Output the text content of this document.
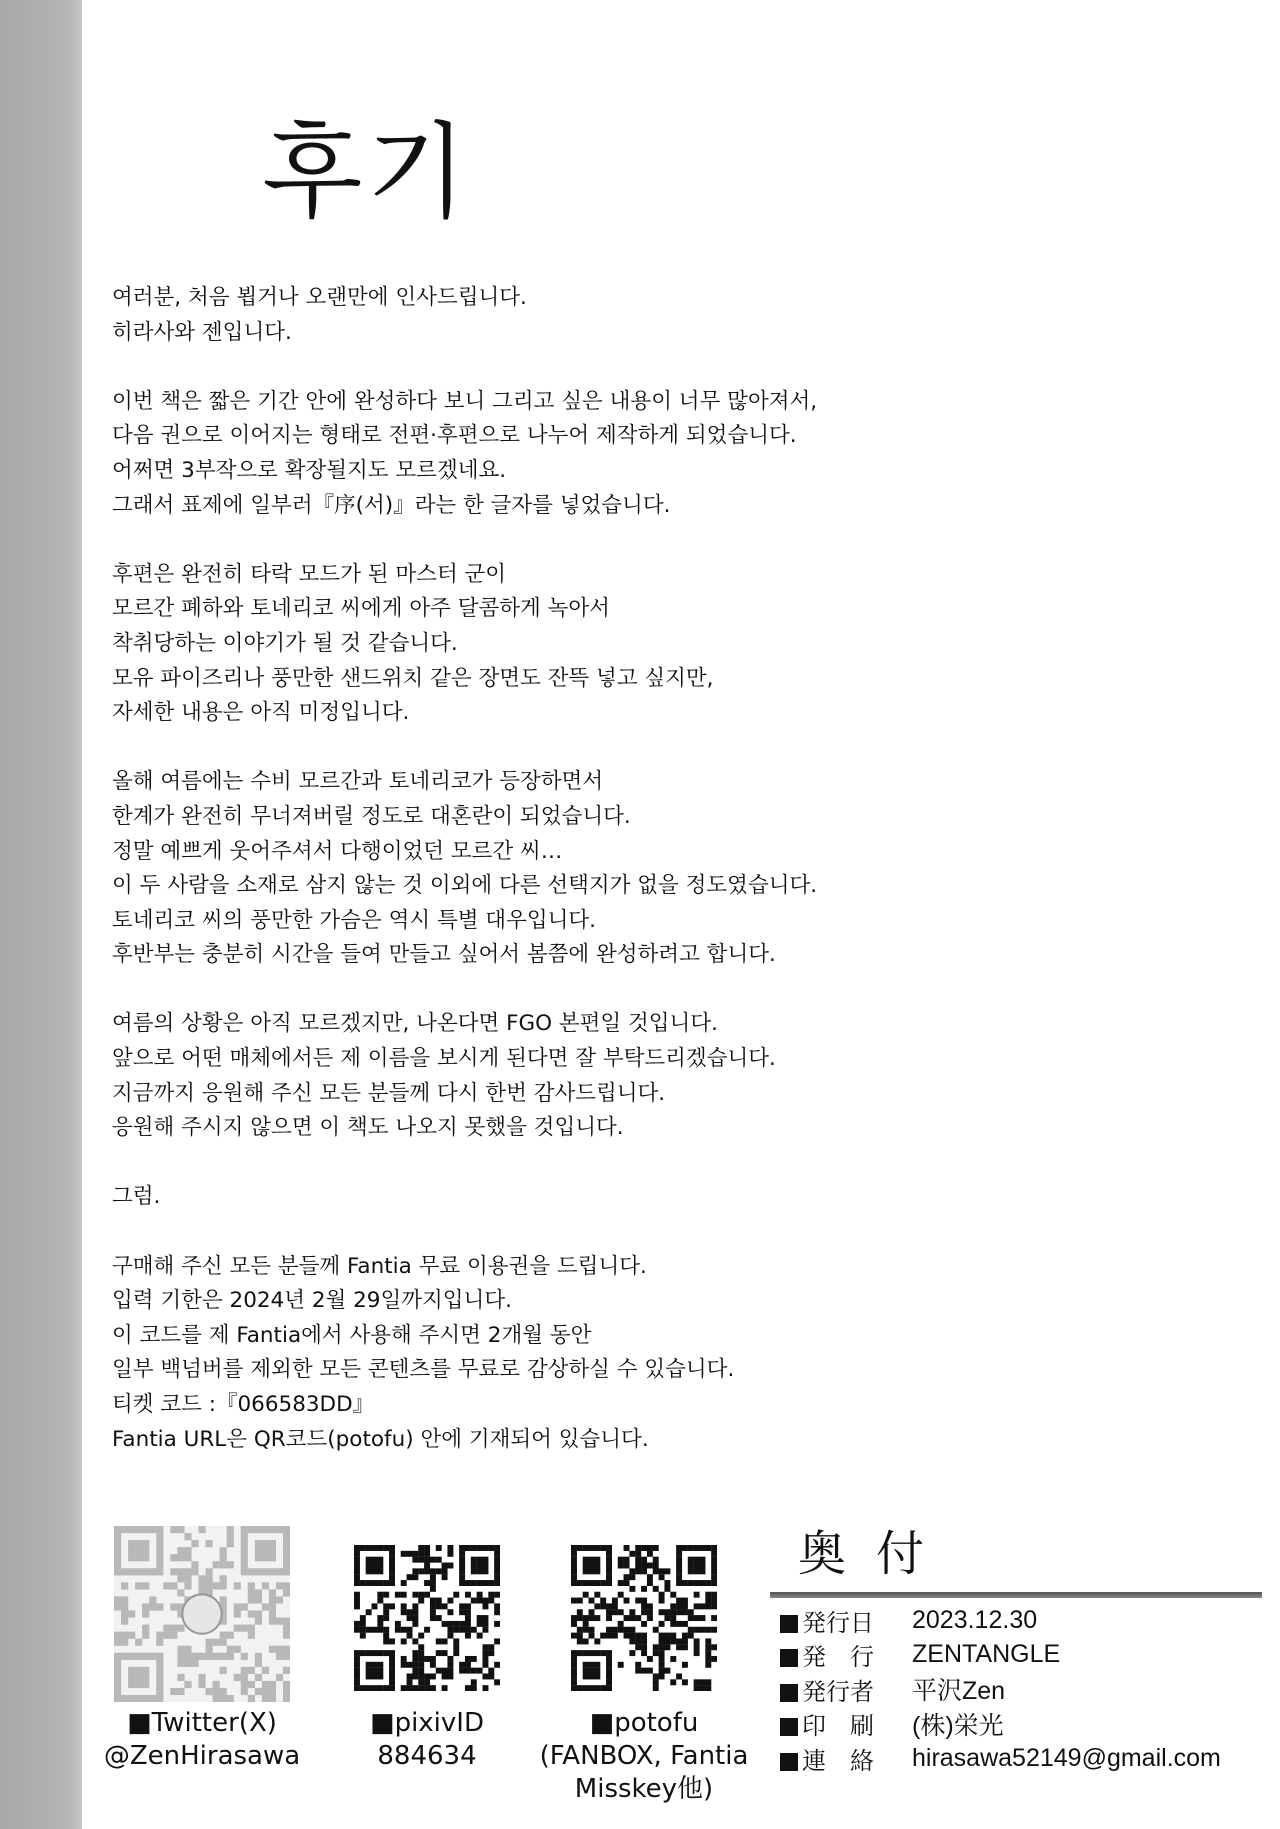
후기
여러분, 처음 뵙거나 오랜만에 인사드립니다.
히라사와 젠입니다.
이번 책은 짧은 기간 안에 완성하다 보니 그리고 싶은 내용이 너무 많아져서,
다음 권으로 이어지는 형태로 전편·후편으로 나누어 제작하게 되었습니다.
어쩌면 3부작으로 확장될지도 모르겠네요.
그래서 표제에 일부러『序(서)』라는 한 글자를 넣었습니다.
후편은 완전히 타락 모드가 된 마스터 군이
모르간 폐하와 토네리코 씨에게 아주 달콤하게 녹아서
착취당하는 이야기가 될 것 같습니다.
모유 파이즈리나 풍만한 샌드위치 같은 장면도 잔뜩 넣고 싶지만,
자세한 내용은 아직 미정입니다.
올해 여름에는 수비 모르간과 토네리코가 등장하면서
한계가 완전히 무너져버릴 정도로 대혼란이 되었습니다.
정말 예쁘게 웃어주셔서 다행이었던 모르간 씨…
이 두 사람을 소재로 삼지 않는 것 이외에 다른 선택지가 없을 정도였습니다.
토네리코 씨의 풍만한 가슴은 역시 특별 대우입니다.
후반부는 충분히 시간을 들여 만들고 싶어서 봄쯤에 완성하려고 합니다.
여름의 상황은 아직 모르겠지만, 나온다면 FGO 본편일 것입니다.
앞으로 어떤 매체에서든 제 이름을 보시게 된다면 잘 부탁드리겠습니다.
지금까지 응원해 주신 모든 분들께 다시 한번 감사드립니다.
응원해 주시지 않으면 이 책도 나오지 못했을 것입니다.
그럼.
구매해 주신 모든 분들께 Fantia 무료 이용권을 드립니다.
입력 기한은 2024년 2월 29일까지입니다.
이 코드를 제 Fantia에서 사용해 주시면 2개월 동안
일부 백넘버를 제외한 모든 콘텐츠를 무료로 감상하실 수 있습니다.
티켓 코드 :『066583DD』
Fantia URL은 QR코드(potofu) 안에 기재되어 있습니다.
■Twitter(X)
@ZenHirasawa
■pixivID
884634
■potofu
(FANBOX, Fantia
Misskey他)
奥付
発行日	2023.12.30
発　行	ZENTANGLE
発行者	平沢Zen
印　刷	(株)栄光
連　絡	hirasawa52149@gmail.com
